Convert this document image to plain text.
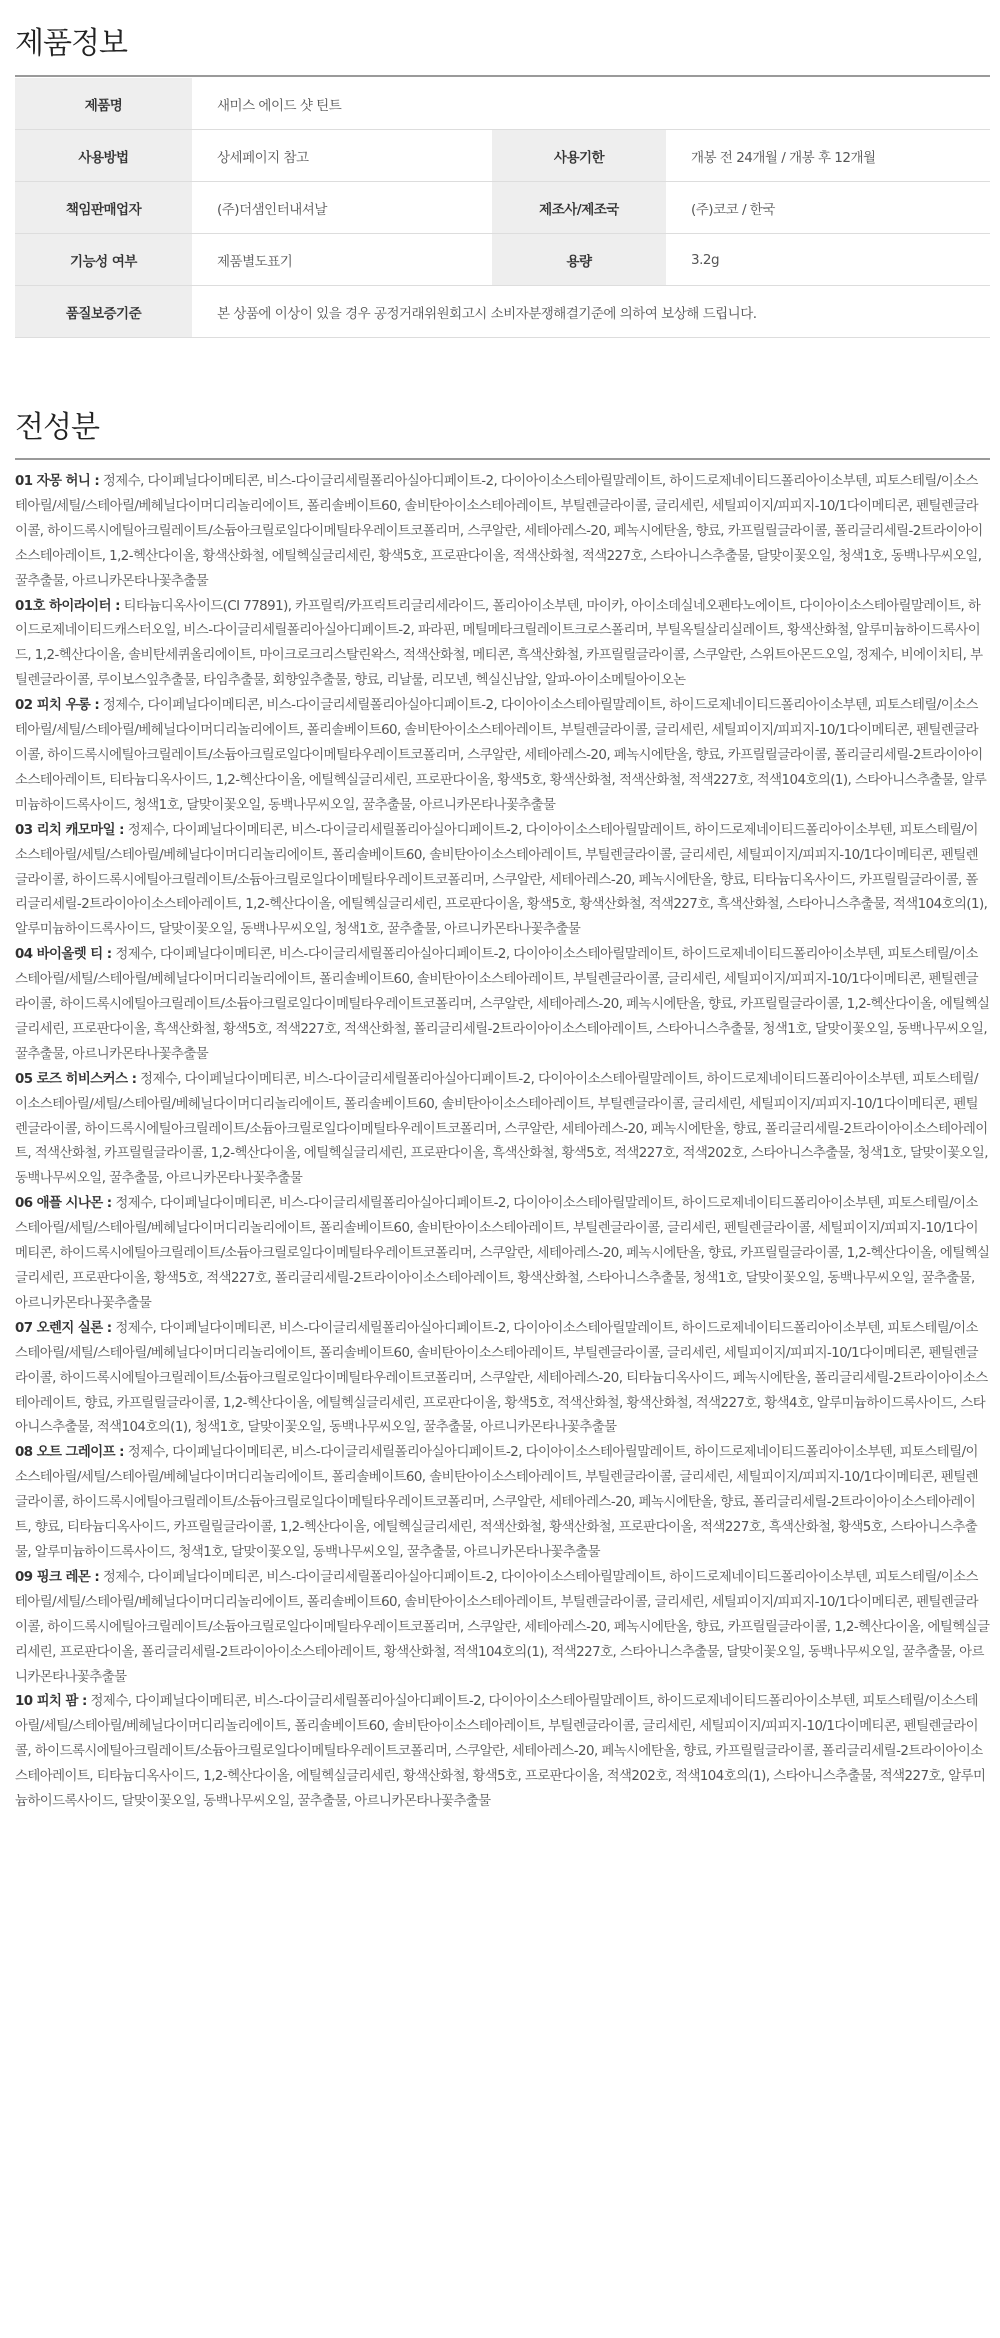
제품정보
제품명	새미스 에이드 샷 틴트		
사용방법	상세페이지 참고	사용기한	개봉 전 24개월 / 개봉 후 12개월
책임판매업자	(주)더샘인터내셔날	제조사/제조국	(주)코코 / 한국
기능성 여부	제품별도표기	용량	3.2g
품질보증기준	본 상품에 이상이 있을 경우 공정거래위원회고시 소비자분쟁해결기준에 의하여 보상해 드립니다.		
전성분

01 자몽 허니 : 정제수, 다이페닐다이메티콘, 비스-다이글리세릴폴리아실아디페이트-2, 다이아이소스테아릴말레이트, 하이드로제네이티드폴리아이소부텐, 피토스테릴/이소스테아릴/세틸/스테아릴/베헤닐다이머디리놀리에이트, 폴리솔베이트60, 솔비탄아이소스테아레이트, 부틸렌글라이콜, 글리세린, 세틸피이지/피피지-10/1다이메티콘, 펜틸렌글라이콜, 하이드록시에틸아크릴레이트/소듐아크릴로일다이메틸타우레이트코폴리머, 스쿠알란, 세테아레스-20, 페녹시에탄올, 향료, 카프릴릴글라이콜, 폴리글리세릴-2트라이아이소스테아레이트, 1,2-헥산다이올, 황색산화철, 에틸헥실글리세린, 황색5호, 프로판다이올, 적색산화철, 적색227호, 스타아니스추출물, 달맞이꽃오일, 청색1호, 동백나무씨오일, 꿀추출물, 아르니카몬타나꽃추출물

01호 하이라이터 : 티타늄디옥사이드(CI 77891), 카프릴릭/카프릭트리글리세라이드, 폴리아이소부텐, 마이카, 아이소데실네오펜타노에이트, 다이아이소스테아릴말레이트, 하이드로제네이티드캐스터오일, 비스-다이글리세릴폴리아실아디페이트-2, 파라핀, 메틸메타크릴레이트크로스폴리머, 부틸옥틸살리실레이트, 황색산화철, 알루미늄하이드록사이드, 1,2-헥산다이올, 솔비탄세퀴올리에이트, 마이크로크리스탈린왁스, 적색산화철, 메티콘, 흑색산화철, 카프릴릴글라이콜, 스쿠알란, 스위트아몬드오일, 정제수, 비에이치티, 부틸렌글라이콜, 루이보스잎추출물, 타임추출물, 회향잎추출물, 향료, 리날룰, 리모넨, 헥실신남알, 알파-아이소메틸아이오논

02 피치 우롱 : 정제수, 다이페닐다이메티콘, 비스-다이글리세릴폴리아실아디페이트-2, 다이아이소스테아릴말레이트, 하이드로제네이티드폴리아이소부텐, 피토스테릴/이소스테아릴/세틸/스테아릴/베헤닐다이머디리놀리에이트, 폴리솔베이트60, 솔비탄아이소스테아레이트, 부틸렌글라이콜, 글리세린, 세틸피이지/피피지-10/1다이메티콘, 펜틸렌글라이콜, 하이드록시에틸아크릴레이트/소듐아크릴로일다이메틸타우레이트코폴리머, 스쿠알란, 세테아레스-20, 페녹시에탄올, 향료, 카프릴릴글라이콜, 폴리글리세릴-2트라이아이소스테아레이트, 티타늄디옥사이드, 1,2-헥산다이올, 에틸헥실글리세린, 프로판다이올, 황색5호, 황색산화철, 적색산화철, 적색227호, 적색104호의(1), 스타아니스추출물, 알루미늄하이드록사이드, 청색1호, 달맞이꽃오일, 동백나무씨오일, 꿀추출물, 아르니카몬타나꽃추출물

03 리치 캐모마일 : 정제수, 다이페닐다이메티콘, 비스-다이글리세릴폴리아실아디페이트-2, 다이아이소스테아릴말레이트, 하이드로제네이티드폴리아이소부텐, 피토스테릴/이소스테아릴/세틸/스테아릴/베헤닐다이머디리놀리에이트, 폴리솔베이트60, 솔비탄아이소스테아레이트, 부틸렌글라이콜, 글리세린, 세틸피이지/피피지-10/1다이메티콘, 펜틸렌글라이콜, 하이드록시에틸아크릴레이트/소듐아크릴로일다이메틸타우레이트코폴리머, 스쿠알란, 세테아레스-20, 페녹시에탄올, 향료, 티타늄디옥사이드, 카프릴릴글라이콜, 폴리글리세릴-2트라이아이소스테아레이트, 1,2-헥산다이올, 에틸헥실글리세린, 프로판다이올, 황색5호, 황색산화철, 적색227호, 흑색산화철, 스타아니스추출물, 적색104호의(1), 알루미늄하이드록사이드, 달맞이꽃오일, 동백나무씨오일, 청색1호, 꿀추출물, 아르니카몬타나꽃추출물

04 바이올렛 티 : 정제수, 다이페닐다이메티콘, 비스-다이글리세릴폴리아실아디페이트-2, 다이아이소스테아릴말레이트, 하이드로제네이티드폴리아이소부텐, 피토스테릴/이소스테아릴/세틸/스테아릴/베헤닐다이머디리놀리에이트, 폴리솔베이트60, 솔비탄아이소스테아레이트, 부틸렌글라이콜, 글리세린, 세틸피이지/피피지-10/1다이메티콘, 펜틸렌글라이콜, 하이드록시에틸아크릴레이트/소듐아크릴로일다이메틸타우레이트코폴리머, 스쿠알란, 세테아레스-20, 페녹시에탄올, 향료, 카프릴릴글라이콜, 1,2-헥산다이올, 에틸헥실글리세린, 프로판다이올, 흑색산화철, 황색5호, 적색227호, 적색산화철, 폴리글리세릴-2트라이아이소스테아레이트, 스타아니스추출물, 청색1호, 달맞이꽃오일, 동백나무씨오일, 꿀추출물, 아르니카몬타나꽃추출물

05 로즈 히비스커스 : 정제수, 다이페닐다이메티콘, 비스-다이글리세릴폴리아실아디페이트-2, 다이아이소스테아릴말레이트, 하이드로제네이티드폴리아이소부텐, 피토스테릴/이소스테아릴/세틸/스테아릴/베헤닐다이머디리놀리에이트, 폴리솔베이트60, 솔비탄아이소스테아레이트, 부틸렌글라이콜, 글리세린, 세틸피이지/피피지-10/1다이메티콘, 펜틸렌글라이콜, 하이드록시에틸아크릴레이트/소듐아크릴로일다이메틸타우레이트코폴리머, 스쿠알란, 세테아레스-20, 페녹시에탄올, 향료, 폴리글리세릴-2트라이아이소스테아레이트, 적색산화철, 카프릴릴글라이콜, 1,2-헥산다이올, 에틸헥실글리세린, 프로판다이올, 흑색산화철, 황색5호, 적색227호, 적색202호, 스타아니스추출물, 청색1호, 달맞이꽃오일, 동백나무씨오일, 꿀추출물, 아르니카몬타나꽃추출물

06 애플 시나몬 : 정제수, 다이페닐다이메티콘, 비스-다이글리세릴폴리아실아디페이트-2, 다이아이소스테아릴말레이트, 하이드로제네이티드폴리아이소부텐, 피토스테릴/이소스테아릴/세틸/스테아릴/베헤닐다이머디리놀리에이트, 폴리솔베이트60, 솔비탄아이소스테아레이트, 부틸렌글라이콜, 글리세린, 펜틸렌글라이콜, 세틸피이지/피피지-10/1다이메티콘, 하이드록시에틸아크릴레이트/소듐아크릴로일다이메틸타우레이트코폴리머, 스쿠알란, 세테아레스-20, 페녹시에탄올, 향료, 카프릴릴글라이콜, 1,2-헥산다이올, 에틸헥실글리세린, 프로판다이올, 황색5호, 적색227호, 폴리글리세릴-2트라이아이소스테아레이트, 황색산화철, 스타아니스추출물, 청색1호, 달맞이꽃오일, 동백나무씨오일, 꿀추출물, 아르니카몬타나꽃추출물

07 오렌지 실론 : 정제수, 다이페닐다이메티콘, 비스-다이글리세릴폴리아실아디페이트-2, 다이아이소스테아릴말레이트, 하이드로제네이티드폴리아이소부텐, 피토스테릴/이소스테아릴/세틸/스테아릴/베헤닐다이머디리놀리에이트, 폴리솔베이트60, 솔비탄아이소스테아레이트, 부틸렌글라이콜, 글리세린, 세틸피이지/피피지-10/1다이메티콘, 펜틸렌글라이콜, 하이드록시에틸아크릴레이트/소듐아크릴로일다이메틸타우레이트코폴리머, 스쿠알란, 세테아레스-20, 티타늄디옥사이드, 페녹시에탄올, 폴리글리세릴-2트라이아이소스테아레이트, 향료, 카프릴릴글라이콜, 1,2-헥산다이올, 에틸헥실글리세린, 프로판다이올, 황색5호, 적색산화철, 황색산화철, 적색227호, 황색4호, 알루미늄하이드록사이드, 스타아니스추출물, 적색104호의(1), 청색1호, 달맞이꽃오일, 동백나무씨오일, 꿀추출물, 아르니카몬타나꽃추출물

08 오트 그레이프 : 정제수, 다이페닐다이메티콘, 비스-다이글리세릴폴리아실아디페이트-2, 다이아이소스테아릴말레이트, 하이드로제네이티드폴리아이소부텐, 피토스테릴/이소스테아릴/세틸/스테아릴/베헤닐다이머디리놀리에이트, 폴리솔베이트60, 솔비탄아이소스테아레이트, 부틸렌글라이콜, 글리세린, 세틸피이지/피피지-10/1다이메티콘, 펜틸렌글라이콜, 하이드록시에틸아크릴레이트/소듐아크릴로일다이메틸타우레이트코폴리머, 스쿠알란, 세테아레스-20, 페녹시에탄올, 향료, 폴리글리세릴-2트라이아이소스테아레이트, 향료, 티타늄디옥사이드, 카프릴릴글라이콜, 1,2-헥산다이올, 에틸헥실글리세린, 적색산화철, 황색산화철, 프로판다이올, 적색227호, 흑색산화철, 황색5호, 스타아니스추출물, 알루미늄하이드록사이드, 청색1호, 달맞이꽃오일, 동백나무씨오일, 꿀추출물, 아르니카몬타나꽃추출물

09 핑크 레몬 : 정제수, 다이페닐다이메티콘, 비스-다이글리세릴폴리아실아디페이트-2, 다이아이소스테아릴말레이트, 하이드로제네이티드폴리아이소부텐, 피토스테릴/이소스테아릴/세틸/스테아릴/베헤닐다이머디리놀리에이트, 폴리솔베이트60, 솔비탄아이소스테아레이트, 부틸렌글라이콜, 글리세린, 세틸피이지/피피지-10/1다이메티콘, 펜틸렌글라이콜, 하이드록시에틸아크릴레이트/소듐아크릴로일다이메틸타우레이트코폴리머, 스쿠알란, 세테아레스-20, 페녹시에탄올, 향료, 카프릴릴글라이콜, 1,2-헥산다이올, 에틸헥실글리세린, 프로판다이올, 폴리글리세릴-2트라이아이소스테아레이트, 황색산화철, 적색104호의(1), 적색227호, 스타아니스추출물, 달맞이꽃오일, 동백나무씨오일, 꿀추출물, 아르니카몬타나꽃추출물

10 피치 팜 : 정제수, 다이페닐다이메티콘, 비스-다이글리세릴폴리아실아디페이트-2, 다이아이소스테아릴말레이트, 하이드로제네이티드폴리아이소부텐, 피토스테릴/이소스테아릴/세틸/스테아릴/베헤닐다이머디리놀리에이트, 폴리솔베이트60, 솔비탄아이소스테아레이트, 부틸렌글라이콜, 글리세린, 세틸피이지/피피지-10/1다이메티콘, 펜틸렌글라이콜, 하이드록시에틸아크릴레이트/소듐아크릴로일다이메틸타우레이트코폴리머, 스쿠알란, 세테아레스-20, 페녹시에탄올, 향료, 카프릴릴글라이콜, 폴리글리세릴-2트라이아이소스테아레이트, 티타늄디옥사이드, 1,2-헥산다이올, 에틸헥실글리세린, 황색산화철, 황색5호, 프로판다이올, 적색202호, 적색104호의(1), 스타아니스추출물, 적색227호, 알루미늄하이드록사이드, 달맞이꽃오일, 동백나무씨오일, 꿀추출물, 아르니카몬타나꽃추출물
